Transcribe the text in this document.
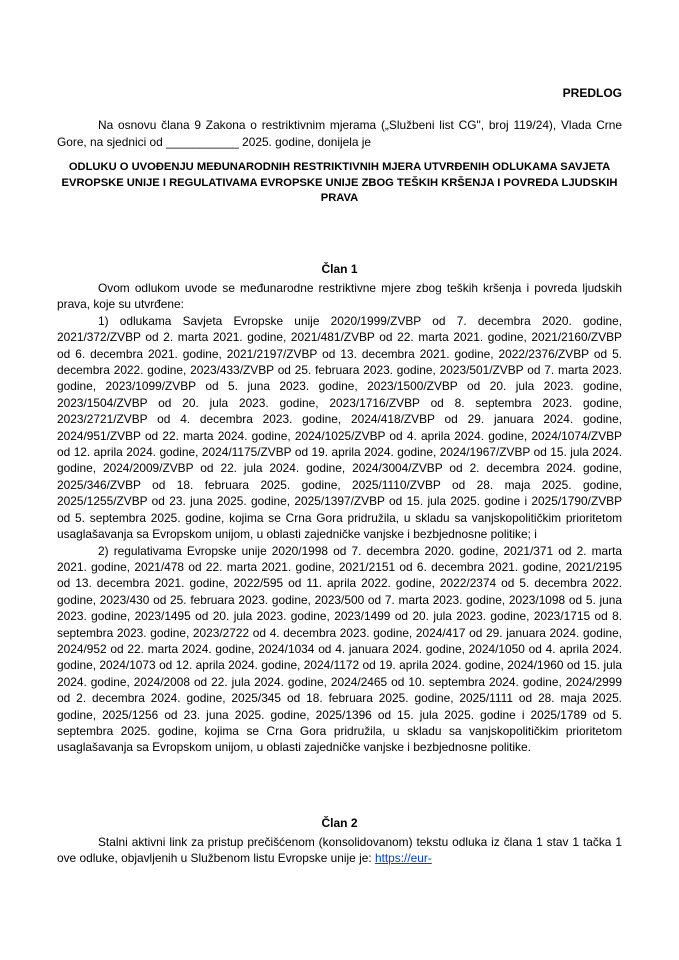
PREDLOG

Na osnovu člana 9 Zakona o restriktivnim mjerama („Službeni list CG", broj 119/24), Vlada Crne Gore, na sjednici od ___________ 2025. godine, donijela je

ODLUKU O UVOĐENJU MEĐUNARODNIH RESTRIKTIVNIH MJERA UTVRĐENIH ODLUKAMA SAVJETA EVROPSKE UNIJE I REGULATIVAMA EVROPSKE UNIJE ZBOG TEŠKIH KRŠENJA I POVREDA LJUDSKIH PRAVA
Član 1

Ovom odlukom uvode se međunarodne restriktivne mjere zbog teških kršenja i povreda ljudskih prava, koje su utvrđene:

1) odlukama Savjeta Evropske unije 2020/1999/ZVBP od 7. decembra 2020. godine, 2021/372/ZVBP od 2. marta 2021. godine, 2021/481/ZVBP od 22. marta 2021. godine, 2021/2160/ZVBP od 6. decembra 2021. godine, 2021/2197/ZVBP od 13. decembra 2021. godine, 2022/2376/ZVBP od 5. decembra 2022. godine, 2023/433/ZVBP od 25. februara 2023. godine, 2023/501/ZVBP od 7. marta 2023. godine, 2023/1099/ZVBP od 5. juna 2023. godine, 2023/1500/ZVBP od 20. jula 2023. godine, 2023/1504/ZVBP od 20. jula 2023. godine, 2023/1716/ZVBP od 8. septembra 2023. godine, 2023/2721/ZVBP od 4. decembra 2023. godine, 2024/418/ZVBP od 29. januara 2024. godine, 2024/951/ZVBP od 22. marta 2024. godine, 2024/1025/ZVBP od 4. aprila 2024. godine, 2024/1074/ZVBP od 12. aprila 2024. godine, 2024/1175/ZVBP od 19. aprila 2024. godine, 2024/1967/ZVBP od 15. jula 2024. godine, 2024/2009/ZVBP od 22. jula 2024. godine, 2024/3004/ZVBP od 2. decembra 2024. godine, 2025/346/ZVBP od 18. februara 2025. godine, 2025/1110/ZVBP od 28. maja 2025. godine, 2025/1255/ZVBP od 23. juna 2025. godine, 2025/1397/ZVBP od 15. jula 2025. godine i 2025/1790/ZVBP od 5. septembra 2025. godine, kojima se Crna Gora pridružila, u skladu sa vanjskopolitičkim prioritetom usaglašavanja sa Evropskom unijom, u oblasti zajedničke vanjske i bezbjednosne politike; i

2) regulativama Evropske unije 2020/1998 od 7. decembra 2020. godine, 2021/371 od 2. marta 2021. godine, 2021/478 od 22. marta 2021. godine, 2021/2151 od 6. decembra 2021. godine, 2021/2195 od 13. decembra 2021. godine, 2022/595 od 11. aprila 2022. godine, 2022/2374 od 5. decembra 2022. godine, 2023/430 od 25. februara 2023. godine, 2023/500 od 7. marta 2023. godine, 2023/1098 od 5. juna 2023. godine, 2023/1495 od 20. jula 2023. godine, 2023/1499 od 20. jula 2023. godine, 2023/1715 od 8. septembra 2023. godine, 2023/2722 od 4. decembra 2023. godine, 2024/417 od 29. januara 2024. godine, 2024/952 od 22. marta 2024. godine, 2024/1034 od 4. januara 2024. godine, 2024/1050 od 4. aprila 2024. godine, 2024/1073 od 12. aprila 2024. godine, 2024/1172 od 19. aprila 2024. godine, 2024/1960 od 15. jula 2024. godine, 2024/2008 od 22. jula 2024. godine, 2024/2465 od 10. septembra 2024. godine, 2024/2999 od 2. decembra 2024. godine, 2025/345 od 18. februara 2025. godine, 2025/1111 od 28. maja 2025. godine, 2025/1256 od 23. juna 2025. godine, 2025/1396 od 15. jula 2025. godine i 2025/1789 od 5. septembra 2025. godine, kojima se Crna Gora pridružila, u skladu sa vanjskopolitičkim prioritetom usaglašavanja sa Evropskom unijom, u oblasti zajedničke vanjske i bezbjednosne politike.

Član 2

Stalni aktivni link za pristup prečišćenom (konsolidovanom) tekstu odluka iz člana 1 stav 1 tačka 1 ove odluke, objavljenih u Službenom listu Evropske unije je: https://eur-
